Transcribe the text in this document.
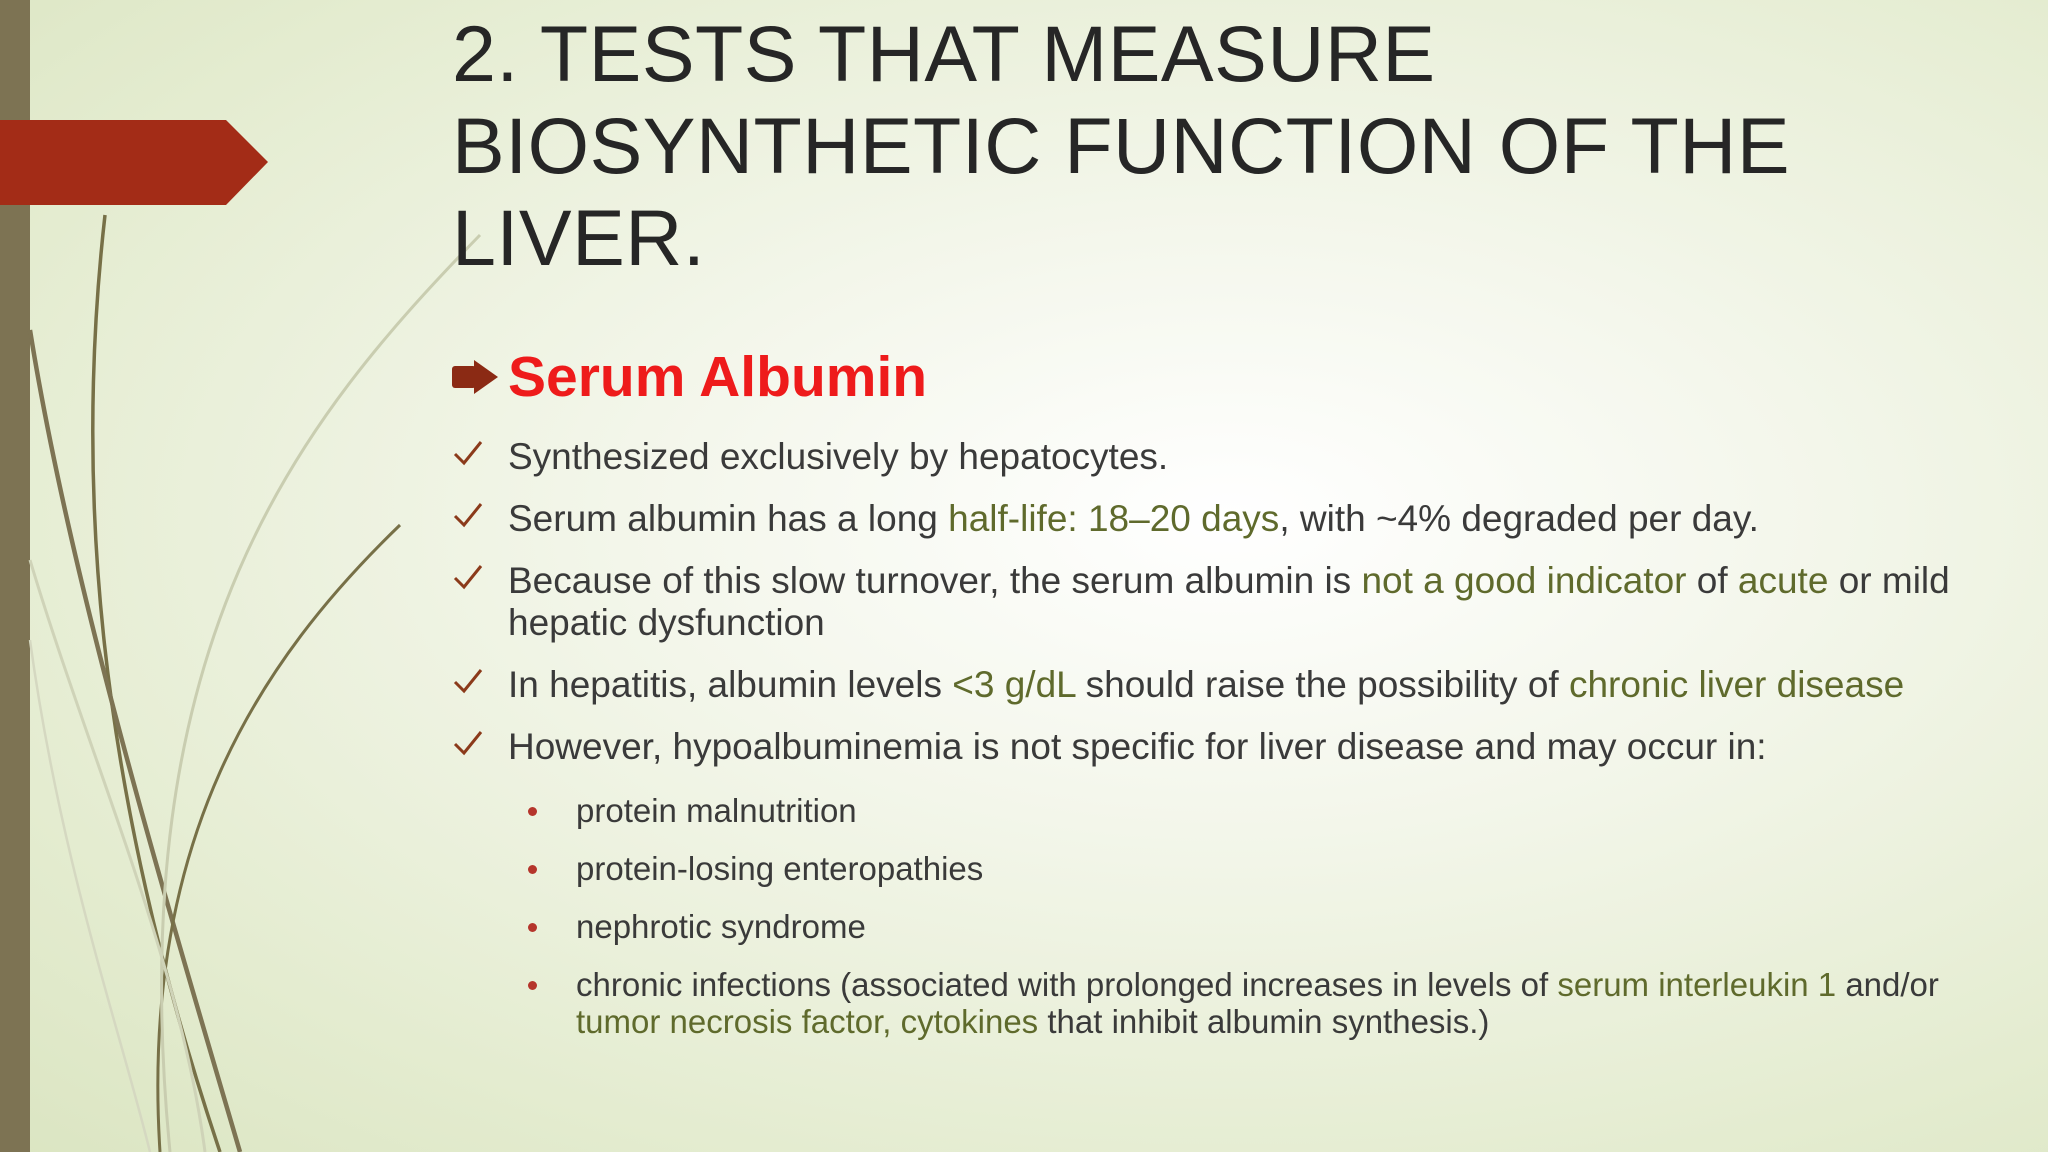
2. TESTS THAT MEASURE BIOSYNTHETIC FUNCTION OF THE LIVER.
Serum Albumin
Synthesized exclusively by hepatocytes.
Serum albumin has a long half-life: 18–20 days, with ~4% degraded per day.
Because of this slow turnover, the serum albumin is not a good indicator of acute or mild hepatic dysfunction
In hepatitis, albumin levels <3 g/dL should raise the possibility of chronic liver disease
However, hypoalbuminemia is not specific for liver disease and may occur in:
protein malnutrition
protein-losing enteropathies
nephrotic syndrome
chronic infections (associated with prolonged increases in levels of serum interleukin 1 and/or tumor necrosis factor, cytokines that inhibit albumin synthesis.)
